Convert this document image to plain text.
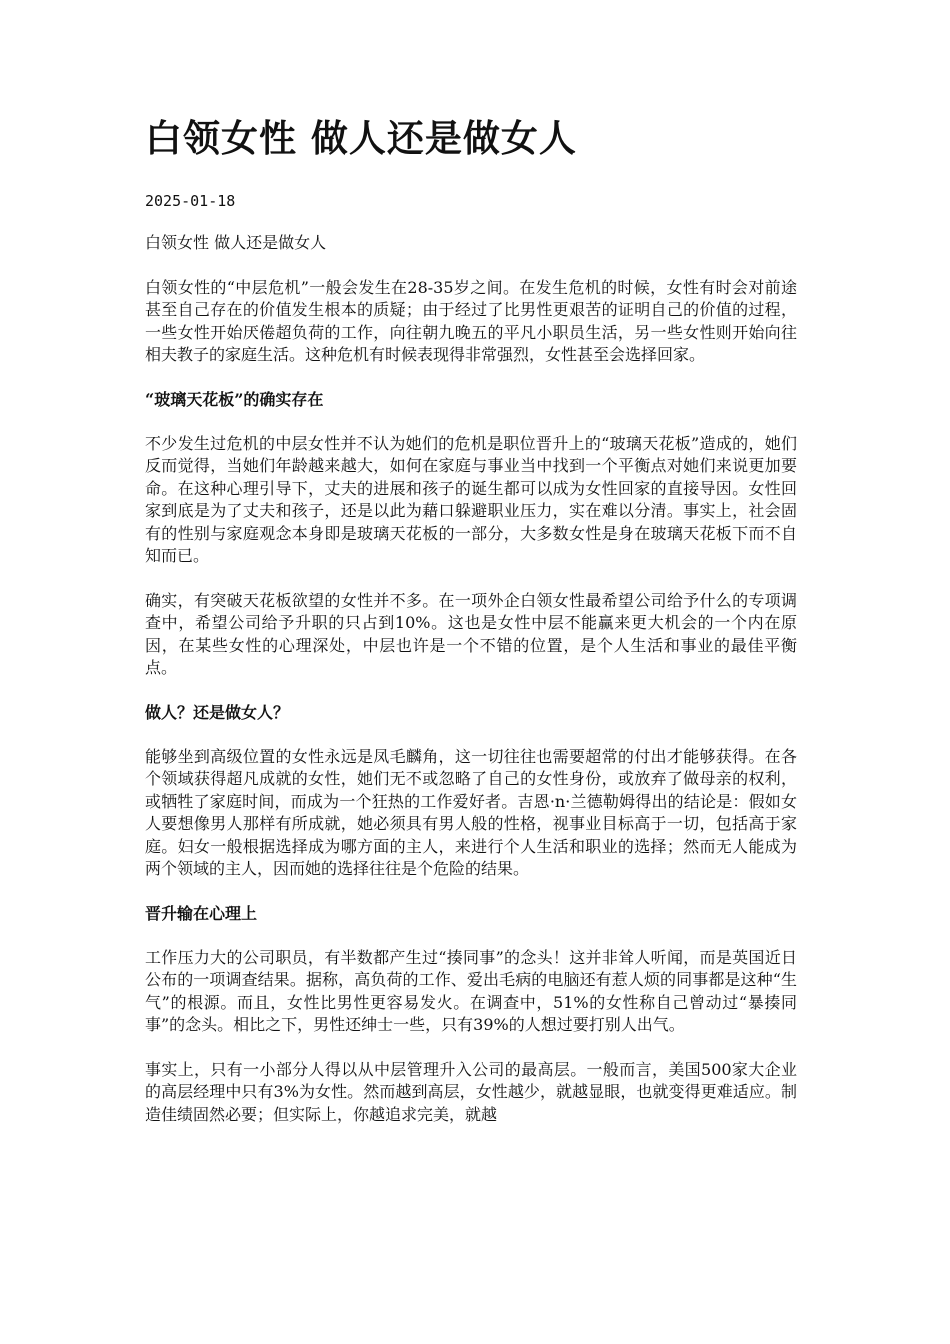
白领女性 做人还是做女人
2025-01-18

白领女性 做人还是做女人

白领女性的“中层危机”一般会发生在28-35岁之间。在发生危机的时候，女性有时会对前途甚至自己存在的价值发生根本的质疑；由于经过了比男性更艰苦的证明自己的价值的过程，一些女性开始厌倦超负荷的工作，向往朝九晚五的平凡小职员生活，另一些女性则开始向往相夫教子的家庭生活。这种危机有时候表现得非常强烈，女性甚至会选择回家。

“玻璃天花板”的确实存在

不少发生过危机的中层女性并不认为她们的危机是职位晋升上的“玻璃天花板”造成的，她们反而觉得，当她们年龄越来越大，如何在家庭与事业当中找到一个平衡点对她们来说更加要命。在这种心理引导下，丈夫的进展和孩子的诞生都可以成为女性回家的直接导因。女性回家到底是为了丈夫和孩子，还是以此为藉口躲避职业压力，实在难以分清。事实上，社会固有的性别与家庭观念本身即是玻璃天花板的一部分，大多数女性是身在玻璃天花板下而不自知而已。

确实，有突破天花板欲望的女性并不多。在一项外企白领女性最希望公司给予什么的专项调查中，希望公司给予升职的只占到10%。这也是女性中层不能赢来更大机会的一个内在原因，在某些女性的心理深处，中层也许是一个不错的位置，是个人生活和事业的最佳平衡点。

做人？还是做女人？

能够坐到高级位置的女性永远是凤毛麟角，这一切往往也需要超常的付出才能够获得。在各个领域获得超凡成就的女性，她们无不或忽略了自己的女性身份，或放弃了做母亲的权利，或牺牲了家庭时间，而成为一个狂热的工作爱好者。吉恩·n·兰德勒姆得出的结论是：假如女人要想像男人那样有所成就，她必须具有男人般的性格，视事业目标高于一切，包括高于家庭。妇女一般根据选择成为哪方面的主人，来进行个人生活和职业的选择；然而无人能成为两个领域的主人，因而她的选择往往是个危险的结果。

晋升输在心理上

工作压力大的公司职员，有半数都产生过“揍同事”的念头！这并非耸人听闻，而是英国近日公布的一项调查结果。据称，高负荷的工作、爱出毛病的电脑还有惹人烦的同事都是这种“生气”的根源。而且，女性比男性更容易发火。在调查中，51%的女性称自己曾动过“暴揍同事”的念头。相比之下，男性还绅士一些，只有39%的人想过要打别人出气。

事实上，只有一小部分人得以从中层管理升入公司的最高层。一般而言，美国500家大企业的高层经理中只有3%为女性。然而越到高层，女性越少，就越显眼，也就变得更难适应。制造佳绩固然必要；但实际上，你越追求完美，就越
